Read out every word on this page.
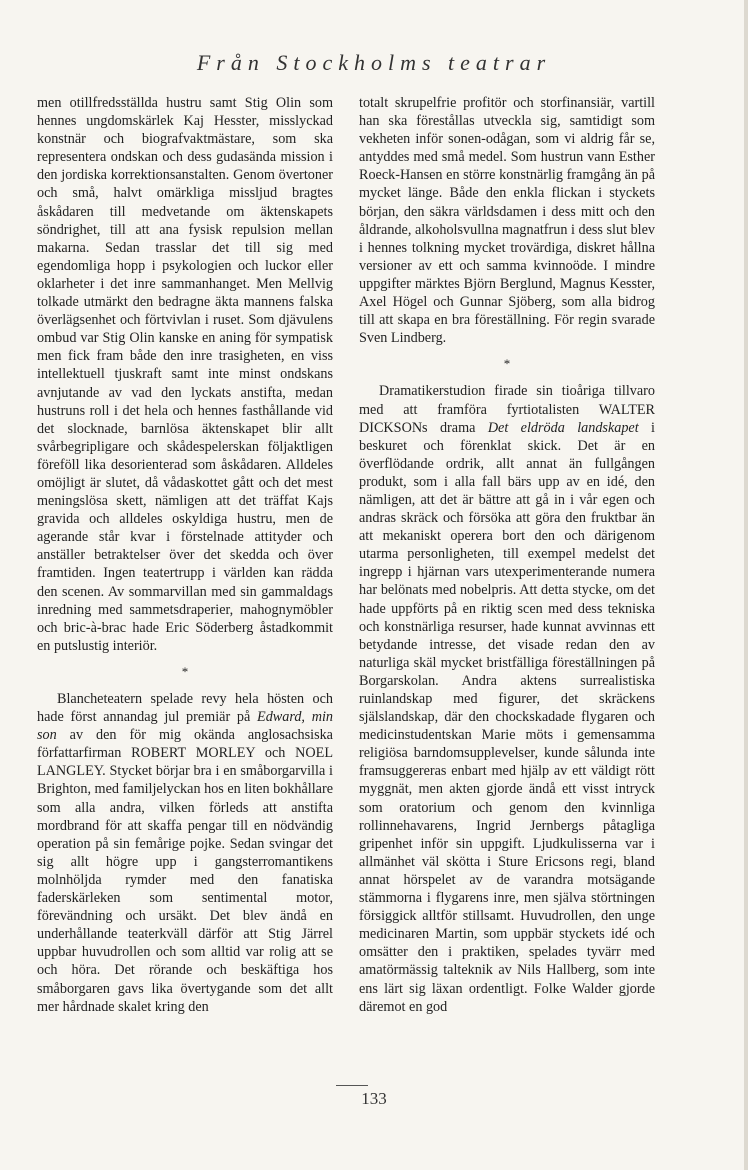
Från Stockholms teatrar

men otillfredsställda hustru samt Stig Olin som hennes ungdomskärlek Kaj Hesster, misslyckad konstnär och biografvaktmästare, som ska representera ondskan och dess gudasända mission i den jordiska korrektionsanstalten. Genom övertoner och små, halvt omärkliga missljud bragtes åskådaren till medvetande om äktenskapets söndrighet, till att ana fysisk repulsion mellan makarna. Sedan trasslar det till sig med egendomliga hopp i psykologien och luckor eller oklarheter i det inre sammanhanget. Men Mellvig tolkade utmärkt den bedragne äkta mannens falska överlägsenhet och förtvivlan i ruset. Som djävulens ombud var Stig Olin kanske en aning för sympatisk men fick fram både den inre trasigheten, en viss intellektuell tjuskraft samt inte minst ondskans avnjutande av vad den lyckats anstifta, medan hustruns roll i det hela och hennes fasthållande vid det slocknade, barnlösa äktenskapet blir allt svårbegripligare och skådespelerskan följaktligen föreföll lika desorienterad som åskådaren. Alldeles omöjligt är slutet, då vådaskottet gått och det mest meningslösa skett, nämligen att det träffat Kajs gravida och alldeles oskyldiga hustru, men de agerande står kvar i förstelnade attityder och anställer betraktelser över det skedda och över framtiden. Ingen teatertrupp i världen kan rädda den scenen. Av sommarvillan med sin gammaldags inredning med sammetsdraperier, mahognymöbler och bric-à-brac hade Eric Söderberg åstadkommit en putslustig interiör.

*

Blancheteatern spelade revy hela hösten och hade först annandag jul premiär på Edward, min son av den för mig okända anglosachsiska författarfirman ROBERT MORLEY och NOEL LANGLEY. Stycket börjar bra i en småborgarvilla i Brighton, med familjelyckan hos en liten bokhållare som alla andra, vilken förleds att anstifta mordbrand för att skaffa pengar till en nödvändig operation på sin femårige pojke. Sedan svingar det sig allt högre upp i gangsterromantikens molnhöljda rymder med den fanatiska faderskärleken som sentimental motor, förevändning och ursäkt. Det blev ändå en underhållande teaterkväll därför att Stig Järrel uppbar huvudrollen och som alltid var rolig att se och höra. Det rörande och beskäftiga hos småborgaren gavs lika övertygande som det allt mer hårdnade skalet kring den

totalt skrupelfrie profitör och storfinansiär, vartill han ska förestållas utveckla sig, samtidigt som vekheten inför sonen-odågan, som vi aldrig får se, antyddes med små medel. Som hustrun vann Esther Roeck-Hansen en större konstnärlig framgång än på mycket länge. Både den enkla flickan i styckets början, den säkra världsdamen i dess mitt och den åldrande, alkoholsvullna magnatfrun i dess slut blev i hennes tolkning mycket trovärdiga, diskret hållna versioner av ett och samma kvinnoöde. I mindre uppgifter märktes Björn Berglund, Magnus Kesster, Axel Högel och Gunnar Sjöberg, som alla bidrog till att skapa en bra föreställning. För regin svarade Sven Lindberg.

*

Dramatikerstudion firade sin tioåriga tillvaro med att framföra fyrtiotalisten WALTER DICKSONs drama Det eldröda landskapet i beskuret och förenklat skick. Det är en överflödande ordrik, allt annat än fullgången produkt, som i alla fall bärs upp av en idé, den nämligen, att det är bättre att gå in i vår egen och andras skräck och försöka att göra den fruktbar än att mekaniskt operera bort den och därigenom utarma personligheten, till exempel medelst det ingrepp i hjärnan vars utexperimenterande numera har belönats med nobelpris. Att detta stycke, om det hade uppförts på en riktig scen med dess tekniska och konstnärliga resurser, hade kunnat avvinnas ett betydande intresse, det visade redan den av naturliga skäl mycket bristfälliga föreställningen på Borgarskolan. Andra aktens surrealistiska ruinlandskap med figurer, det skräckens själslandskap, där den chockskadade flygaren och medicinstudentskan Marie möts i gemensamma religiösa barndomsupplevelser, kunde sålunda inte framsuggereras enbart med hjälp av ett väldigt rött myggnät, men akten gjorde ändå ett visst intryck som oratorium och genom den kvinnliga rollinnehavarens, Ingrid Jernbergs påtagliga gripenhet inför sin uppgift. Ljudkulisserna var i allmänhet väl skötta i Sture Ericsons regi, bland annat hörspelet av de varandra motsägande stämmorna i flygarens inre, men själva störtningen försiggick alltför stillsamt. Huvudrollen, den unge medicinaren Martin, som uppbär styckets idé och omsätter den i praktiken, spelades tyvärr med amatörmässig talteknik av Nils Hallberg, som inte ens lärt sig läxan ordentligt. Folke Walder gjorde däremot en god

133
